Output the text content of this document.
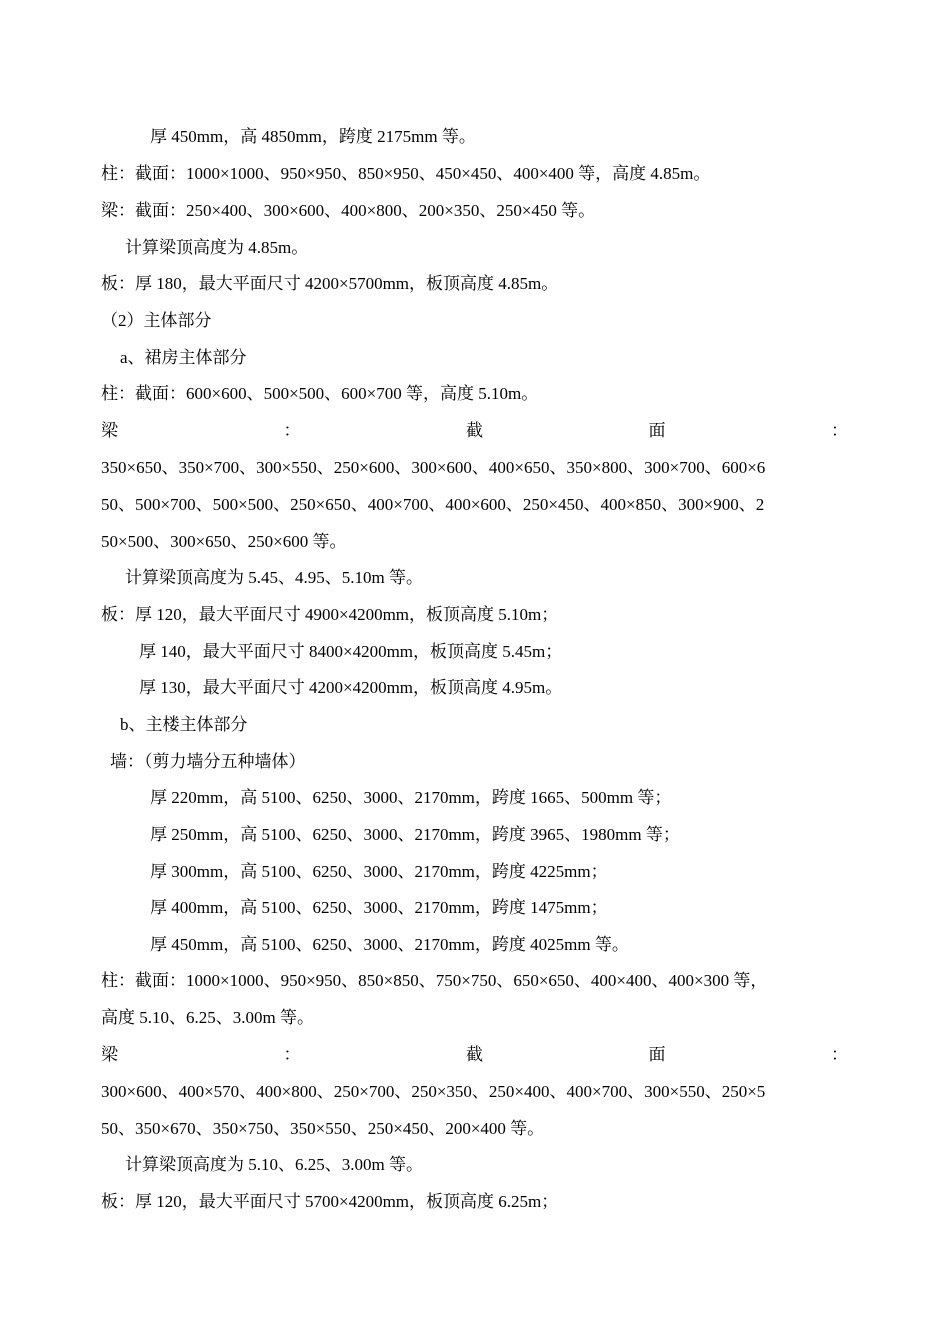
厚 450mm，高 4850mm，跨度 2175mm 等。
柱：截面：1000×1000、950×950、850×950、450×450、400×400 等，高度 4.85m。
梁：截面：250×400、300×600、400×800、200×350、250×450 等。
计算梁顶高度为 4.85m。
板：厚 180，最大平面尺寸 4200×5700mm，板顶高度 4.85m。
（2）主体部分
a、裙房主体部分
柱：截面：600×600、500×500、600×700 等，高度 5.10m。
梁	：	截	面	：
350×650、350×700、300×550、250×600、300×600、400×650、350×800、300×700、600×6
50、500×700、500×500、250×650、400×700、400×600、250×450、400×850、300×900、2
50×500、300×650、250×600 等。
计算梁顶高度为 5.45、4.95、5.10m 等。
板：厚 120，最大平面尺寸 4900×4200mm，板顶高度 5.10m；
厚 140，最大平面尺寸 8400×4200mm，板顶高度 5.45m；
厚 130，最大平面尺寸 4200×4200mm，板顶高度 4.95m。
b、主楼主体部分
墙：（剪力墙分五种墙体）
厚 220mm，高 5100、6250、3000、2170mm，跨度 1665、500mm 等；
厚 250mm，高 5100、6250、3000、2170mm，跨度 3965、1980mm 等；
厚 300mm，高 5100、6250、3000、2170mm，跨度 4225mm；
厚 400mm，高 5100、6250、3000、2170mm，跨度 1475mm；
厚 450mm，高 5100、6250、3000、2170mm，跨度 4025mm 等。
柱：截面：1000×1000、950×950、850×850、750×750、650×650、400×400、400×300 等，
高度 5.10、6.25、3.00m 等。
梁	：	截	面	：
300×600、400×570、400×800、250×700、250×350、250×400、400×700、300×550、250×5
50、350×670、350×750、350×550、250×450、200×400 等。
计算梁顶高度为 5.10、6.25、3.00m 等。
板：厚 120，最大平面尺寸 5700×4200mm，板顶高度 6.25m；
